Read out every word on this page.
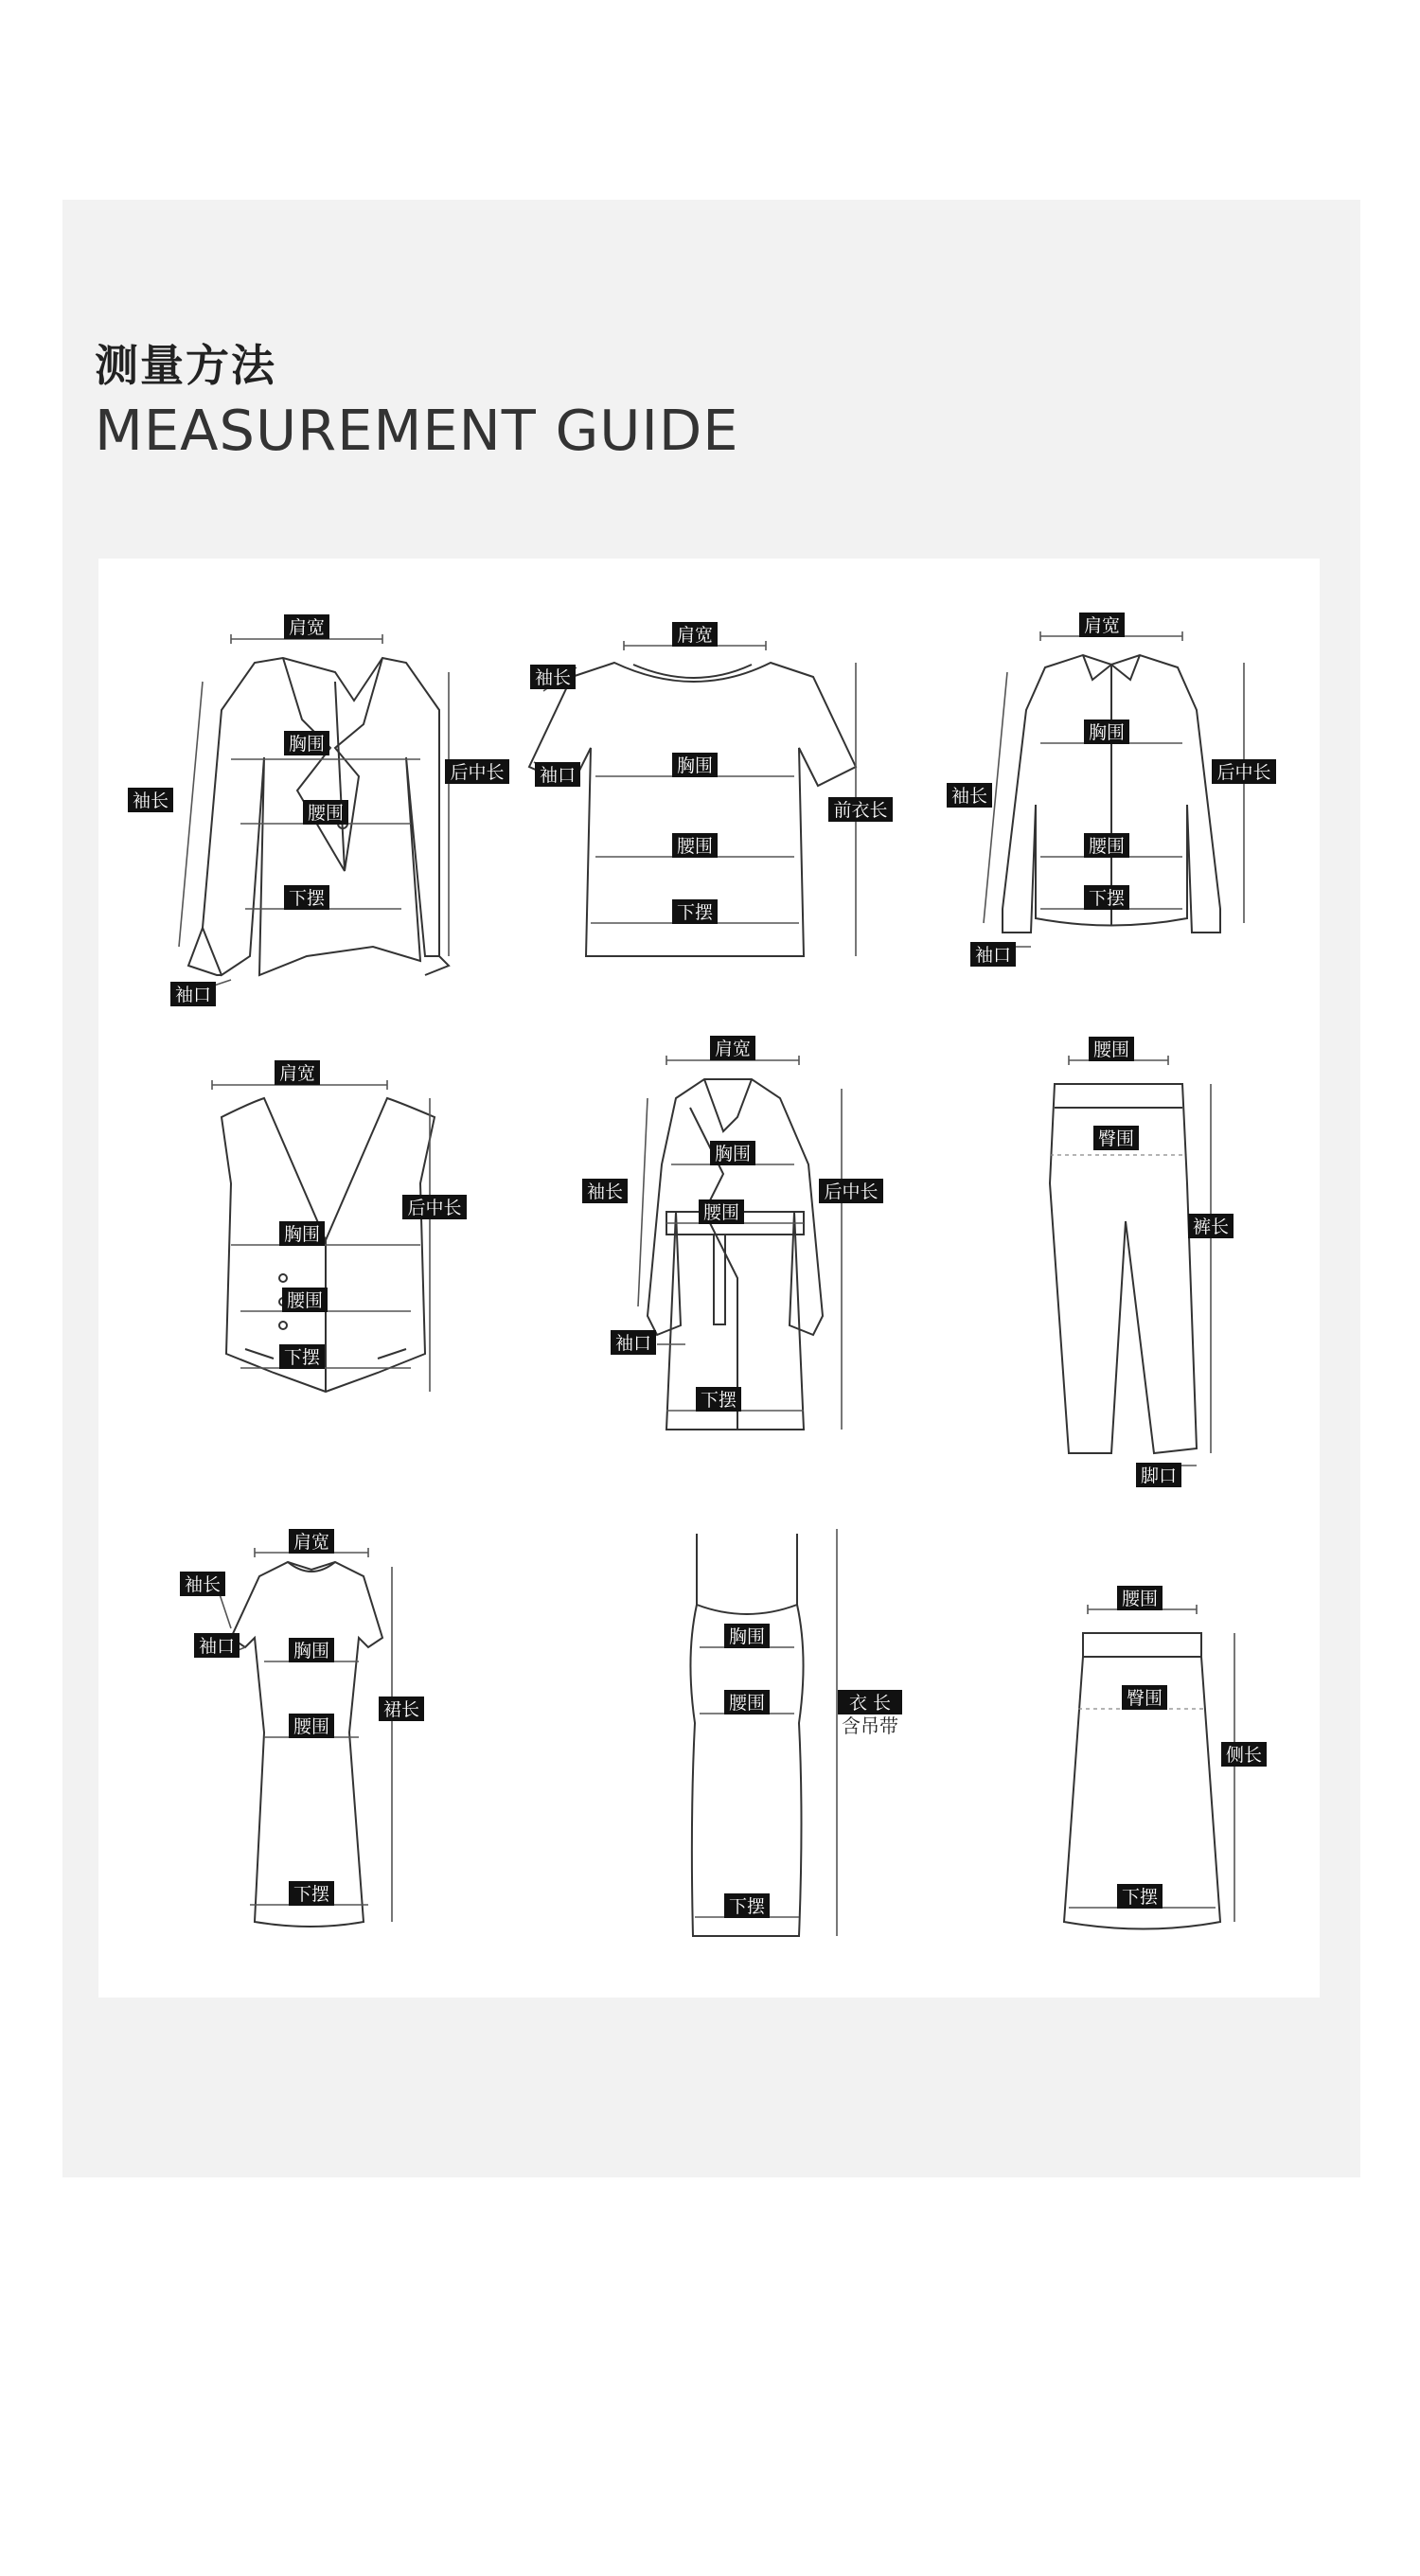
测量方法
MEASUREMENT GUIDE
肩宽
袖长
胸围
后中长
腰围
下摆
袖口
肩宽
袖长
胸围
袖口
前衣长
腰围
下摆
肩宽
胸围
后中长
袖长
腰围
下摆
袖口
肩宽
后中长
胸围
腰围
下摆
肩宽
袖长
胸围
后中长
腰围
袖口
下摆
腰围
臀围
裤长
脚口
肩宽
袖长
胸围
裙长
袖口
腰围
下摆
胸围
腰围	衣 长
含吊带
下摆
腰围
臀围
侧长
下摆
